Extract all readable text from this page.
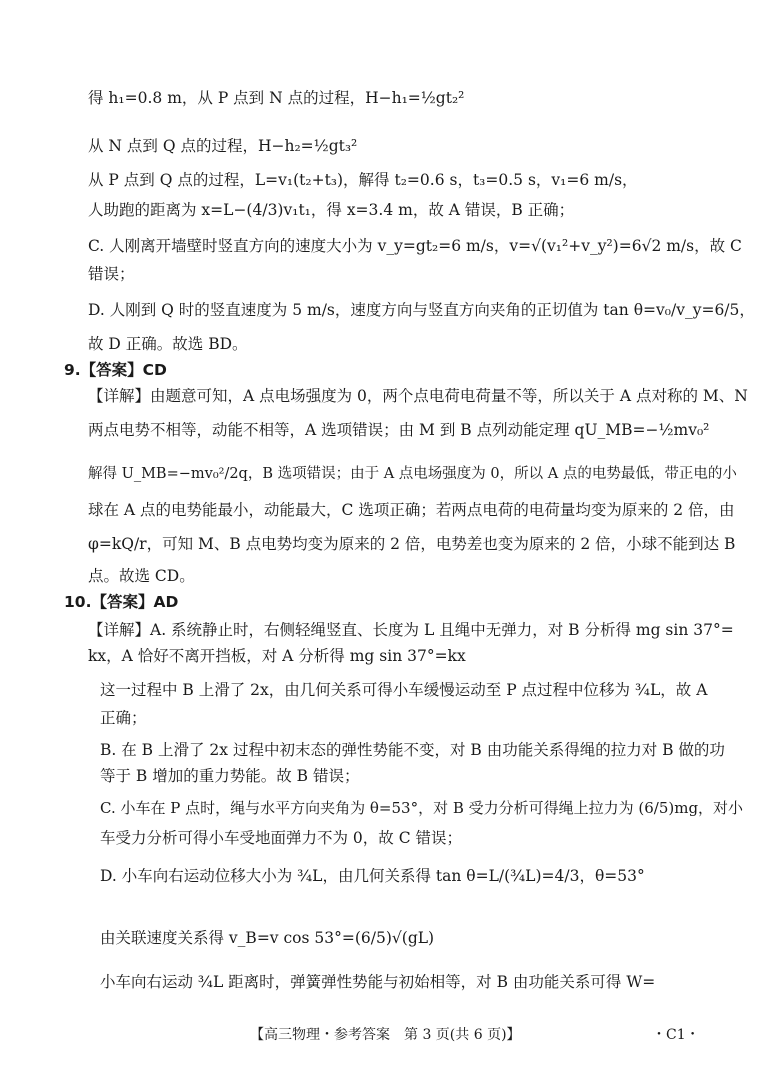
得 h₁=0.8 m，从 P 点到 N 点的过程，H−h₁=½gt₂²
从 N 点到 Q 点的过程，H−h₂=½gt₃²
从 P 点到 Q 点的过程，L=v₁(t₂+t₃)，解得 t₂=0.6 s，t₃=0.5 s，v₁=6 m/s，
人助跑的距离为 x=L−(4/3)v₁t₁，得 x=3.4 m，故 A 错误，B 正确；
C. 人刚离开墙壁时竖直方向的速度大小为 v_y=gt₂=6 m/s，v=√(v₁²+v_y²)=6√2 m/s，故 C
错误；
D. 人刚到 Q 时的竖直速度为 5 m/s，速度方向与竖直方向夹角的正切值为 tan θ=v₀/v_y=6/5，
故 D 正确。故选 BD。
9.【答案】CD
【详解】由题意可知，A 点电场强度为 0，两个点电荷电荷量不等，所以关于 A 点对称的 M、N
两点电势不相等，动能不相等，A 选项错误；由 M 到 B 点列动能定理 qU_MB=−½mv₀²
解得 U_MB=−mv₀²/2q，B 选项错误；由于 A 点电场强度为 0，所以 A 点的电势最低，带正电的小
球在 A 点的电势能最小，动能最大，C 选项正确；若两点电荷的电荷量均变为原来的 2 倍，由
φ=kQ/r，可知 M、B 点电势均变为原来的 2 倍，电势差也变为原来的 2 倍，小球不能到达 B
点。故选 CD。
10.【答案】AD
【详解】A. 系统静止时，右侧轻绳竖直、长度为 L 且绳中无弹力，对 B 分析得 mg sin 37°=
kx，A 恰好不离开挡板，对 A 分析得 mg sin 37°=kx
这一过程中 B 上滑了 2x，由几何关系可得小车缓慢运动至 P 点过程中位移为 ¾L，故 A
正确；
B. 在 B 上滑了 2x 过程中初末态的弹性势能不变，对 B 由功能关系得绳的拉力对 B 做的功
等于 B 增加的重力势能。故 B 错误；
C. 小车在 P 点时，绳与水平方向夹角为 θ=53°，对 B 受力分析可得绳上拉力为 (6/5)mg，对小
车受力分析可得小车受地面弹力不为 0，故 C 错误；
D. 小车向右运动位移大小为 ¾L，由几何关系得 tan θ=L/(¾L)=4/3，θ=53°
由关联速度关系得 v_B=v cos 53°=(6/5)√(gL)
小车向右运动 ¾L 距离时，弹簧弹性势能与初始相等，对 B 由功能关系可得 W=
【高三物理・参考答案　第 3 页(共 6 页)】	・C1・
